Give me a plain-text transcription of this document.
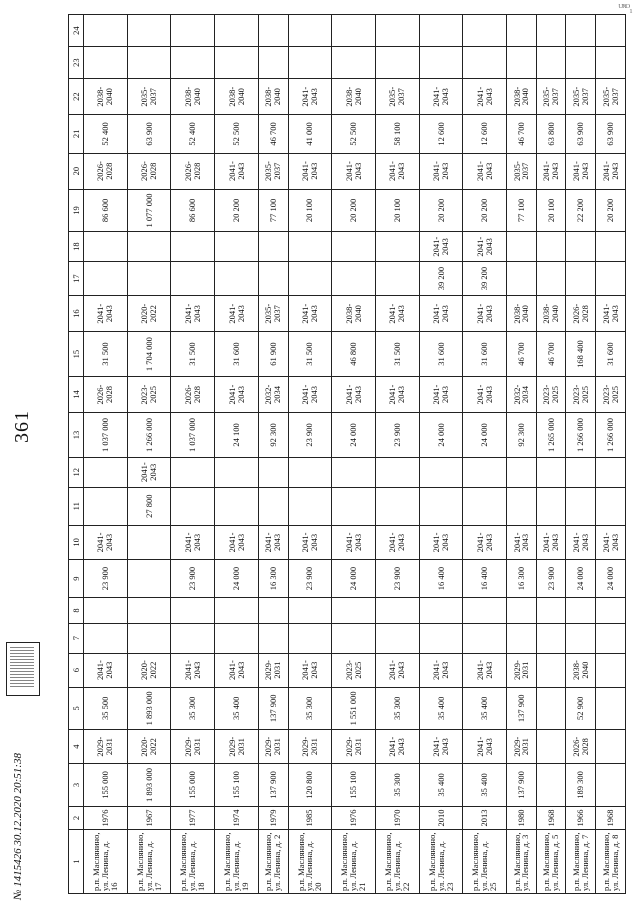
ᵁᴿᴼ₁
361
1	2	3	4	5	6	7	8	9	10	11	12	13	14	15	16	17	18	19	20	21	22	23	24
р.п. Маслянино, ул. Ленина, д. 16	1976	155 000	2029-2031	35 500	2041-2043			23 900	2041-2043			1 037 000	2026-2028	31 500	2041-2043			86 600	2026-2028	52 400	2038-2040		
р.п. Маслянино, ул. Ленина, д. 17	1967	1 893 000	2020-2022	1 893 000	2020-2022					27 800	2041-2043	1 266 000	2023-2025	1 704 000	2020-2022			1 077 000	2026-2028	63 900	2035-2037		
р.п. Маслянино, ул. Ленина, д. 18	1977	155 000	2029-2031	35 300	2041-2043			23 900	2041-2043			1 037 000	2026-2028	31 500	2041-2043			86 600	2026-2028	52 400	2038-2040		
р.п. Маслянино, ул. Ленина, д. 19	1974	155 100	2029-2031	35 400	2041-2043			24 000	2041-2043			24 100	2041-2043	31 600	2041-2043			20 200	2041-2043	52 500	2038-2040		
р.п. Маслянино, ул. Ленина, д. 2	1979	137 900	2029-2031	137 900	2029-2031			16 300	2041-2043			92 300	2032-2034	61 900	2035-2037			77 100	2035-2037	46 700	2038-2040		
р.п. Маслянино, ул. Ленина, д. 20	1985	120 800	2029-2031	35 300	2041-2043			23 900	2041-2043			23 900	2041-2043	31 500	2041-2043			20 100	2041-2043	41 000	2041-2043		
р.п. Маслянино, ул. Ленина, д. 21	1976	155 100	2029-2031	1 551 000	2023-2025			24 000	2041-2043			24 000	2041-2043	46 800	2038-2040			20 200	2041-2043	52 500	2038-2040		
р.п. Маслянино, ул. Ленина, д. 22	1970	35 300	2041-2043	35 300	2041-2043			23 900	2041-2043			23 900	2041-2043	31 500	2041-2043			20 100	2041-2043	58 100	2035-2037		
р.п. Маслянино, ул. Ленина, д. 23	2010	35 400	2041-2043	35 400	2041-2043			16 400	2041-2043			24 000	2041-2043	31 600	2041-2043	39 200	2041-2043	20 200	2041-2043	12 600	2041-2043		
р.п. Маслянино, ул. Ленина, д. 25	2013	35 400	2041-2043	35 400	2041-2043			16 400	2041-2043			24 000	2041-2043	31 600	2041-2043	39 200	2041-2043	20 200	2041-2043	12 600	2041-2043		
р.п. Маслянино, ул. Ленина, д. 3	1980	137 900	2029-2031	137 900	2029-2031			16 300	2041-2043			92 300	2032-2034	46 700	2038-2040			77 100	2035-2037	46 700	2038-2040		
р.п. Маслянино, ул. Ленина, д. 5	1968							23 900	2041-2043			1 265 000	2023-2025	46 700	2038-2040			20 100	2041-2043	63 800	2035-2037		
р.п. Маслянино, ул. Ленина, д. 7	1966	189 300	2026-2028	52 900	2038-2040			24 000	2041-2043			1 266 000	2023-2025	168 400	2026-2028			22 200	2041-2043	63 900	2035-2037		
р.п. Маслянино, ул. Ленина, д. 8	1968							24 000	2041-2043			1 266 000	2023-2025	31 600	2041-2043			20 200	2041-2043	63 900	2035-2037		
№ 1415426 30.12.2020 20:51:38
